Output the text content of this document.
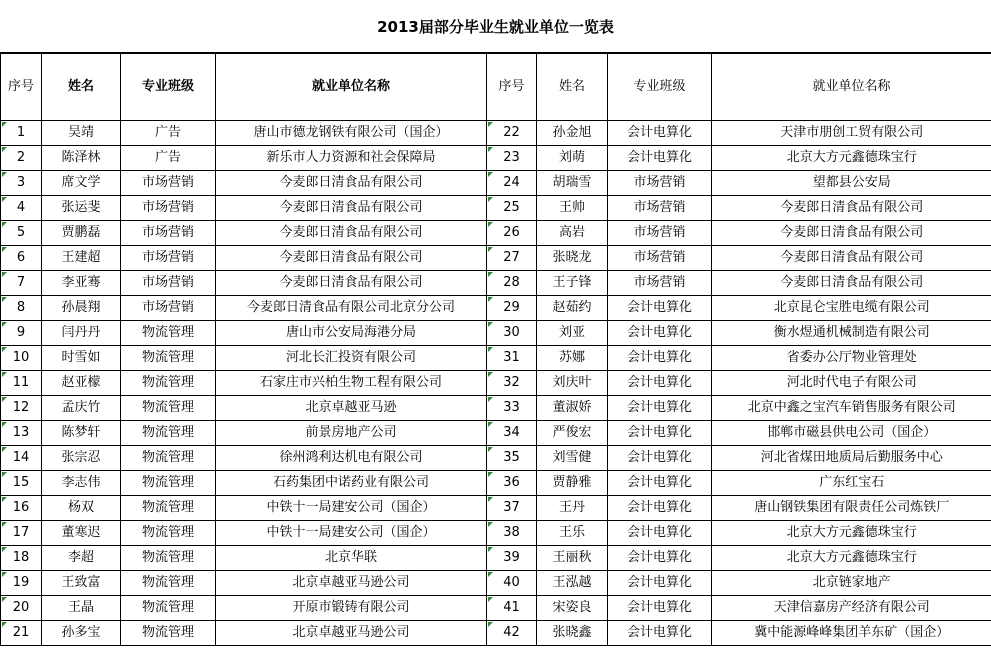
2013届部分毕业生就业单位一览表
序号	姓名	专业班级	就业单位名称	序号	姓名	专业班级	就业单位名称
1	吴靖	广告	唐山市德龙钢铁有限公司（国企）	22	孙金旭	会计电算化	天津市朋创工贸有限公司
2	陈泽林	广告	新乐市人力资源和社会保障局	23	刘萌	会计电算化	北京大方元鑫德珠宝行
3	席文学	市场营销	今麦郎日清食品有限公司	24	胡瑞雪	市场营销	望都县公安局
4	张运斐	市场营销	今麦郎日清食品有限公司	25	王帅	市场营销	今麦郎日清食品有限公司
5	贾鹏磊	市场营销	今麦郎日清食品有限公司	26	高岩	市场营销	今麦郎日清食品有限公司
6	王建超	市场营销	今麦郎日清食品有限公司	27	张晓龙	市场营销	今麦郎日清食品有限公司
7	李亚骞	市场营销	今麦郎日清食品有限公司	28	王子锋	市场营销	今麦郎日清食品有限公司
8	孙晨翔	市场营销	今麦郎日清食品有限公司北京分公司	29	赵茹约	会计电算化	北京昆仑宝胜电缆有限公司
9	闫丹丹	物流管理	唐山市公安局海港分局	30	刘亚	会计电算化	衡水煜通机械制造有限公司
10	时雪如	物流管理	河北长汇投资有限公司	31	苏娜	会计电算化	省委办公厅物业管理处
11	赵亚檬	物流管理	石家庄市兴柏生物工程有限公司	32	刘庆叶	会计电算化	河北时代电子有限公司
12	孟庆竹	物流管理	北京卓越亚马逊	33	董淑娇	会计电算化	北京中鑫之宝汽车销售服务有限公司
13	陈梦轩	物流管理	前景房地产公司	34	严俊宏	会计电算化	邯郸市磁县供电公司（国企）
14	张宗忍	物流管理	徐州鸿利达机电有限公司	35	刘雪健	会计电算化	河北省煤田地质局后勤服务中心
15	李志伟	物流管理	石药集团中诺药业有限公司	36	贾静雅	会计电算化	广东红宝石
16	杨双	物流管理	中铁十一局建安公司（国企）	37	王丹	会计电算化	唐山钢铁集团有限责任公司炼铁厂
17	董寒迟	物流管理	中铁十一局建安公司（国企）	38	王乐	会计电算化	北京大方元鑫德珠宝行
18	李超	物流管理	北京华联	39	王丽秋	会计电算化	北京大方元鑫德珠宝行
19	王致富	物流管理	北京卓越亚马逊公司	40	王泓越	会计电算化	北京链家地产
20	王晶	物流管理	开原市锻铸有限公司	41	宋姿良	会计电算化	天津信嘉房产经济有限公司
21	孙多宝	物流管理	北京卓越亚马逊公司	42	张晓鑫	会计电算化	冀中能源峰峰集团羊东矿（国企）
